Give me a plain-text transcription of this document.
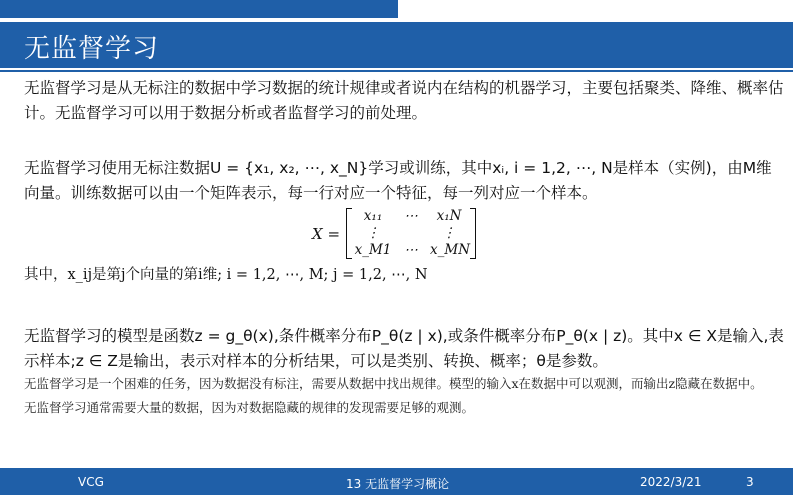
无监督学习

无监督学习是从无标注的数据中学习数据的统计规律或者说内在结构的机器学习，主要包括聚类、降维、概率估计。无监督学习可以用于数据分析或者监督学习的前处理。

无监督学习使用无标注数据U = {x₁, x₂, ⋯, x_N}学习或训练，其中xᵢ, i = 1,2, ⋯, N是样本（实例)，由M维向量。训练数据可以由一个矩阵表示，每一行对应一个特征，每一列对应一个样本。

X =
x₁₁	⋯	x₁N
⋮	⋮
x_M1 ⋯ x_MN

其中，x_ij是第j个向量的第i维; i = 1,2, ⋯, M; j = 1,2, ⋯, N

无监督学习的模型是函数z = g_θ(x),条件概率分布P_θ(z | x),或条件概率分布P_θ(x | z)。其中x ∈ X是输入,表示样本;z ∈ Z是输出，表示对样本的分析结果，可以是类别、转换、概率；θ是参数。

无监督学习是一个困难的任务，因为数据没有标注，需要从数据中找出规律。模型的输入x在数据中可以观测，而输出z隐藏在数据中。

无监督学习通常需要大量的数据，因为对数据隐藏的规律的发现需要足够的观测。

VCG	13 无监督学习概论	2022/3/21	3
